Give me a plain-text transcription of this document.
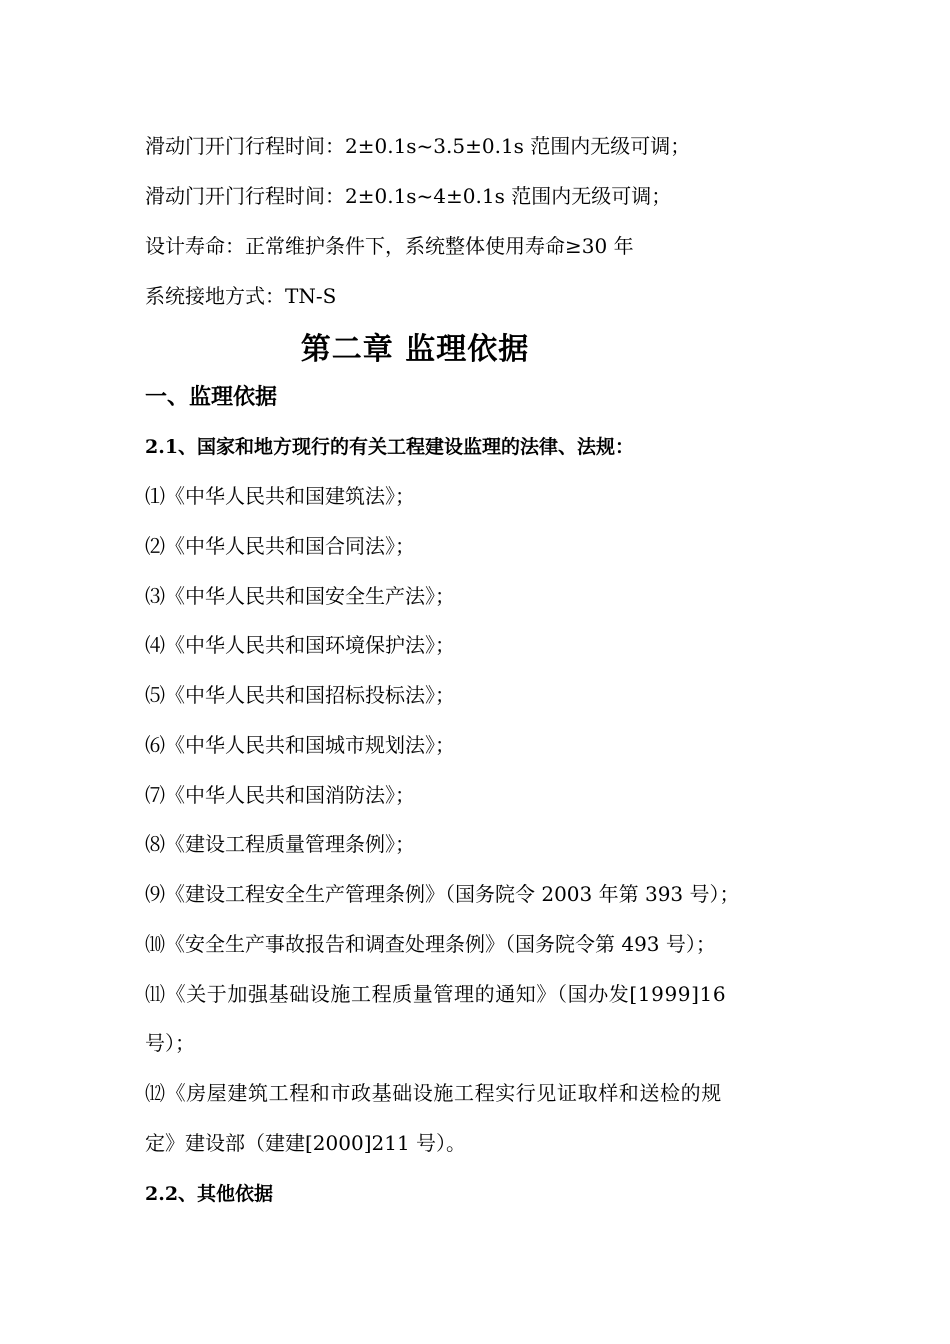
滑动门开门行程时间：2±0.1s~3.5±0.1s 范围内无级可调；
滑动门开门行程时间：2±0.1s~4±0.1s 范围内无级可调；
设计寿命：正常维护条件下，系统整体使用寿命≥30 年
系统接地方式：TN-S
第二章 监理依据
一、监理依据
2.1、国家和地方现行的有关工程建设监理的法律、法规：
⑴《中华人民共和国建筑法》；
⑵《中华人民共和国合同法》；
⑶《中华人民共和国安全生产法》；
⑷《中华人民共和国环境保护法》；
⑸《中华人民共和国招标投标法》；
⑹《中华人民共和国城市规划法》；
⑺《中华人民共和国消防法》；
⑻《建设工程质量管理条例》；
⑼《建设工程安全生产管理条例》（国务院令 2003 年第 393 号）；
⑽《安全生产事故报告和调查处理条例》（国务院令第 493 号）；
⑾《关于加强基础设施工程质量管理的通知》（国办发[1999]16
号）；
⑿《房屋建筑工程和市政基础设施工程实行见证取样和送检的规
定》建设部（建建[2000]211 号）。
2.2、其他依据
